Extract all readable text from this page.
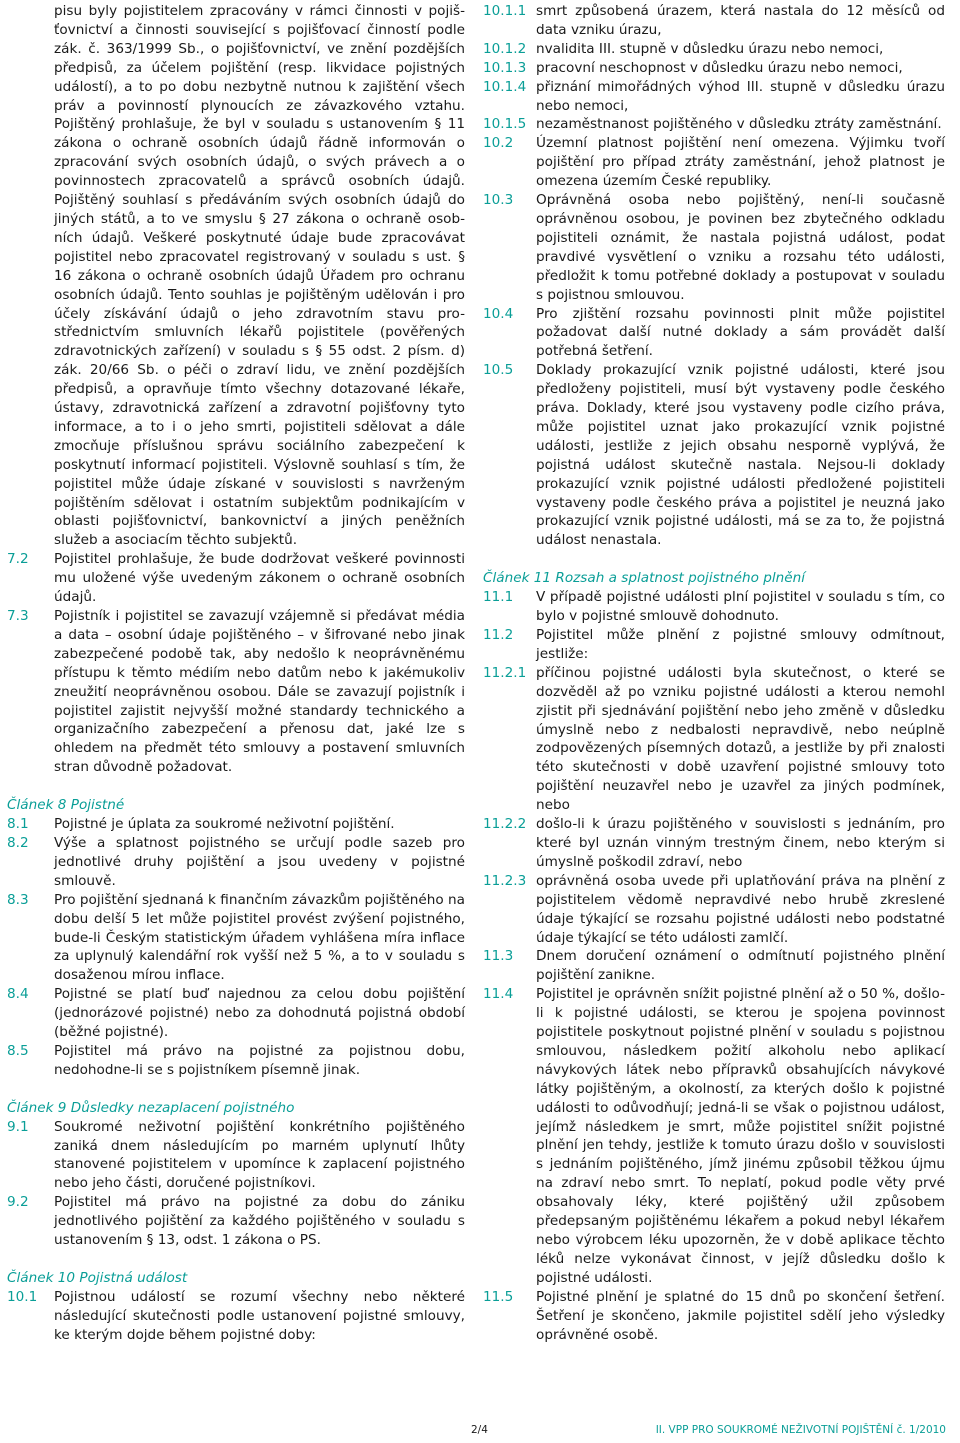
pisu byly pojistitelem zpracovány v rámci činnosti v pojiš- ťovnictví a činnosti související s pojišťovací činností podle zák. č. 363/1999 Sb., o pojišťovnictví, ve znění pozdějších předpisů, za účelem pojištění (resp. likvidace pojistných událostí), a to po dobu nezbytně nutnou k zajištění všech práv a povinností plynoucích ze závazkového vztahu. Pojištěný prohlašuje, že byl v souladu s ustanovením § 11 zákona o ochraně osobních údajů řádně informován o zpracování svých osobních údajů, o svých právech a o povinnostech zpracovatelů a správců osobních údajů. Pojištěný souhlasí s předáváním svých osobních údajů do jiných států, a to ve smyslu § 27 zákona o ochraně osob- ních údajů. Veškeré poskytnuté údaje bude zpracovávat pojistitel nebo zpracovatel registrovaný v souladu s ust. § 16 zákona o ochraně osobních údajů Úřadem pro ochranu osobních údajů. Tento souhlas je pojištěným udělován i pro účely získávání údajů o jeho zdravotním stavu pro- střednictvím smluvních lékařů pojistitele (pověřených zdravotnických zařízení) v souladu s § 55 odst. 2 písm. d) zák. 20/66 Sb. o péči o zdraví lidu, ve znění pozdějších předpisů, a opravňuje tímto všechny dotazované lékaře, ústavy, zdravotnická zařízení a zdravotní pojišťovny tyto informace, a to i o jeho smrti, pojistiteli sdělovat a dále zmocňuje příslušnou správu sociálního zabezpečení k poskytnutí informací pojistiteli. Výslovně souhlasí s tím, že pojistitel může údaje získané v souvislosti s navrženým pojištěním sdělovat i ostatním subjektům podnikajícím v oblasti pojišťovnictví, bankovnictví a jiných peněžních služeb a asociacím těchto subjektů.
7.2 Pojistitel prohlašuje, že bude dodržovat veškeré povinnosti mu uložené výše uvedeným zákonem o ochraně osobních údajů.
7.3 Pojistník i pojistitel se zavazují vzájemně si předávat média a data – osobní údaje pojištěného – v šifrované nebo jinak zabezpečené podobě tak, aby nedošlo k neoprávněnému přístupu k těmto médiím nebo datům nebo k jakémukoliv zneužití neoprávněnou osobou. Dále se zavazují pojistník i pojistitel zajistit nejvyšší možné standardy technického a organizačního zabezpečení a přenosu dat, jaké lze s ohledem na předmět této smlouvy a postavení smluvních stran důvodně požadovat.
Článek 8 Pojistné
8.1 Pojistné je úplata za soukromé neživotní pojištění.
8.2 Výše a splatnost pojistného se určují podle sazeb pro jednotlivé druhy pojištění a jsou uvedeny v pojistné smlouvě.
8.3 Pro pojištění sjednaná k finančním závazkům pojištěného na dobu delší 5 let může pojistitel provést zvýšení pojistného, bude-li Českým statistickým úřadem vyhlášena míra inflace za uplynulý kalendářní rok vyšší než 5 %, a to v souladu s dosaženou mírou inflace.
8.4 Pojistné se platí buď najednou za celou dobu pojištění (jednorázové pojistné) nebo za dohodnutá pojistná období (běžné pojistné).
8.5 Pojistitel má právo na pojistné za pojistnou dobu, nedohodne-li se s pojistníkem písemně jinak.
Článek 9 Důsledky nezaplacení pojistného
9.1 Soukromé neživotní pojištění konkrétního pojištěného zaniká dnem následujícím po marném uplynutí lhůty stanovené pojistitelem v upomínce k zaplacení pojistného nebo jeho části, doručené pojistníkovi.
9.2 Pojistitel má právo na pojistné za dobu do zániku jednotlivého pojištění za každého pojištěného v souladu s ustanovením § 13, odst. 1 zákona o PS.
Článek 10 Pojistná událost
10.1 Pojistnou událostí se rozumí všechny nebo některé následující skutečnosti podle ustanovení pojistné smlouvy, ke kterým dojde během pojistné doby:
10.1.1 smrt způsobená úrazem, která nastala do 12 měsíců od data vzniku úrazu,
10.1.2 nvalidita III. stupně v důsledku úrazu nebo nemoci,
10.1.3 pracovní neschopnost v důsledku úrazu nebo nemoci,
10.1.4 přiznání mimořádných výhod III. stupně v důsledku úrazu nebo nemoci,
10.1.5 nezaměstnanost pojištěného v důsledku ztráty zaměstnání.
10.2 Územní platnost pojištění není omezena. Výjimku tvoří pojištění pro případ ztráty zaměstnání, jehož platnost je omezena územím České republiky.
10.3 Oprávněná osoba nebo pojištěný, není-li současně oprávněnou osobou, je povinen bez zbytečného odkladu pojistiteli oznámit, že nastala pojistná událost, podat pravdivé vysvětlení o vzniku a rozsahu této události, předložit k tomu potřebné doklady a postupovat v souladu s pojistnou smlouvou.
10.4 Pro zjištění rozsahu povinnosti plnit může pojistitel požadovat další nutné doklady a sám provádět další potřebná šetření.
10.5 Doklady prokazující vznik pojistné události, které jsou předloženy pojistiteli, musí být vystaveny podle českého práva. Doklady, které jsou vystaveny podle cizího práva, může pojistitel uznat jako prokazující vznik pojistné události, jestliže z jejich obsahu nesporně vyplývá, že pojistná událost skutečně nastala. Nejsou-li doklady prokazující vznik pojistné události předložené pojistiteli vystaveny podle českého práva a pojistitel je neuzná jako prokazující vznik pojistné události, má se za to, že pojistná událost nenastala.
Článek 11 Rozsah a splatnost pojistného plnění
11.1 V případě pojistné události plní pojistitel v souladu s tím, co bylo v pojistné smlouvě dohodnuto.
11.2 Pojistitel může plnění z pojistné smlouvy odmítnout, jestliže:
11.2.1 příčinou pojistné události byla skutečnost, o které se dozvěděl až po vzniku pojistné události a kterou nemohl zjistit při sjednávání pojištění nebo jeho změně v důsledku úmyslně nebo z nedbalosti nepravdivě, nebo neúplně zodpovězených písemných dotazů, a jestliže by při znalosti této skutečnosti v době uzavření pojistné smlouvy toto pojištění neuzavřel nebo je uzavřel za jiných podmínek, nebo
11.2.2 došlo-li k úrazu pojištěného v souvislosti s jednáním, pro které byl uznán vinným trestným činem, nebo kterým si úmyslně poškodil zdraví, nebo
11.2.3 oprávněná osoba uvede při uplatňování práva na plnění z pojistitelem vědomě nepravdivé nebo hrubě zkreslené údaje týkající se rozsahu pojistné události nebo podstatné údaje týkající se této události zamlčí.
11.3 Dnem doručení oznámení o odmítnutí pojistného plnění pojištění zanikne.
11.4 Pojistitel je oprávněn snížit pojistné plnění až o 50 %, došlo-li k pojistné události, se kterou je spojena povinnost pojistitele poskytnout pojistné plnění v souladu s pojistnou smlouvou, následkem požití alkoholu nebo aplikací návykových látek nebo přípravků obsahujících návykové látky pojištěným, a okolností, za kterých došlo k pojistné události to odůvodňují; jedná-li se však o pojistnou událost, jejímž následkem je smrt, může pojistitel snížit pojistné plnění jen tehdy, jestliže k tomuto úrazu došlo v souvislosti s jednáním pojištěného, jímž jinému způsobil těžkou újmu na zdraví nebo smrt. To neplatí, pokud podle věty prvé obsahovaly léky, které pojištěný užil způsobem předepsaným pojištěnému lékařem a pokud nebyl lékařem nebo výrobcem léku upozorněn, že v době aplikace těchto léků nelze vykonávat činnost, v jejíž důsledku došlo k pojistné události.
11.5 Pojistné plnění je splatné do 15 dnů po skončení šetření. Šetření je skončeno, jakmile pojistitel sdělí jeho výsledky oprávněné osobě.
2/4	II. VPP PRO SOUKROMÉ NEŽIVOTNÍ POJIŠTĚNÍ č. 1/2010
